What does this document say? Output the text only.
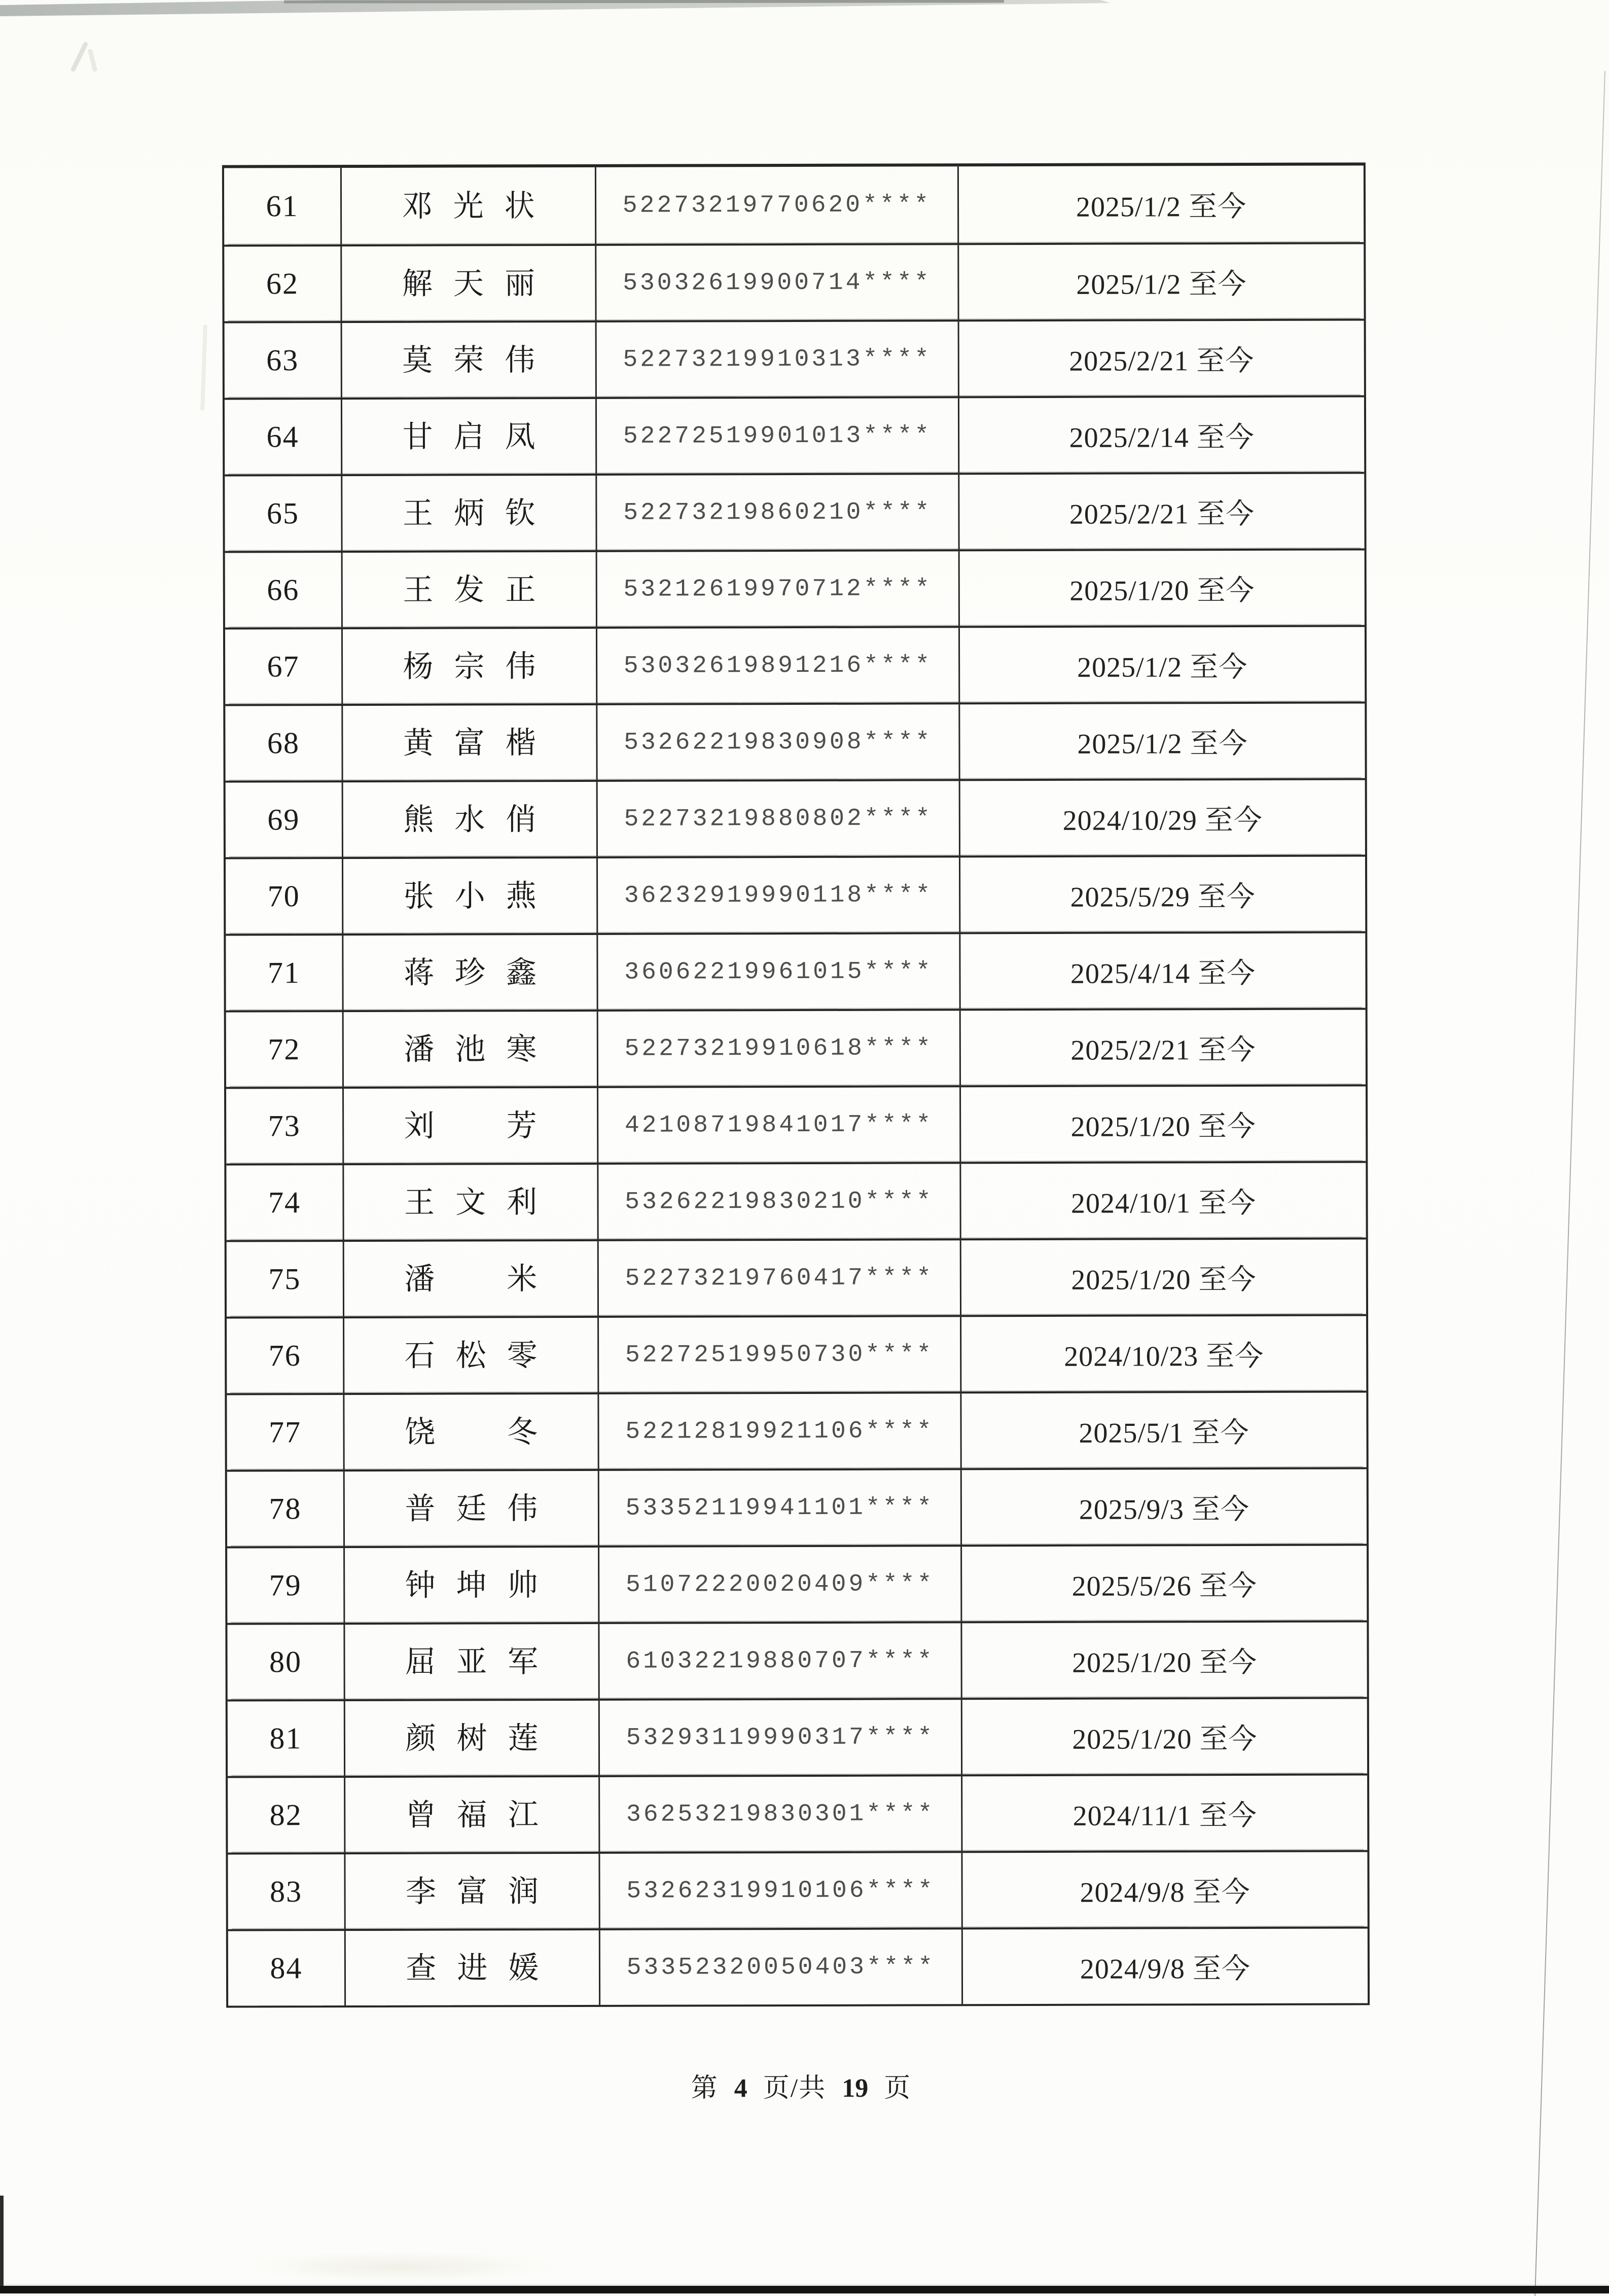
61	邓 光 状	52273219770620****	2025/1/2 至今
62	解 天 丽	53032619900714****	2025/1/2 至今
63	莫 荣 伟	52273219910313****	2025/2/21 至今
64	甘 启 凤	52272519901013****	2025/2/14 至今
65	王 炳 钦	52273219860210****	2025/2/21 至今
66	王 发 正	53212619970712****	2025/1/20 至今
67	杨 宗 伟	53032619891216****	2025/1/2 至今
68	黄 富 楷	53262219830908****	2025/1/2 至今
69	熊 水 俏	52273219880802****	2024/10/29 至今
70	张 小 燕	36232919990118****	2025/5/29 至今
71	蒋 珍 鑫	36062219961015****	2025/4/14 至今
72	潘 池 寒	52273219910618****	2025/2/21 至今
73	刘 芳	42108719841017****	2025/1/20 至今
74	王 文 利	53262219830210****	2024/10/1 至今
75	潘 米	52273219760417****	2025/1/20 至今
76	石 松 零	52272519950730****	2024/10/23 至今
77	饶 冬	52212819921106****	2025/5/1 至今
78	普 廷 伟	53352119941101****	2025/9/3 至今
79	钟 坤 帅	51072220020409****	2025/5/26 至今
80	屈 亚 军	61032219880707****	2025/1/20 至今
81	颜 树 莲	53293119990317****	2025/1/20 至今
82	曾 福 江	36253219830301****	2024/11/1 至今
83	李 富 润	53262319910106****	2024/9/8 至今
84	查 进 媛	53352320050403****	2024/9/8 至今
第 4 页/共 19 页
